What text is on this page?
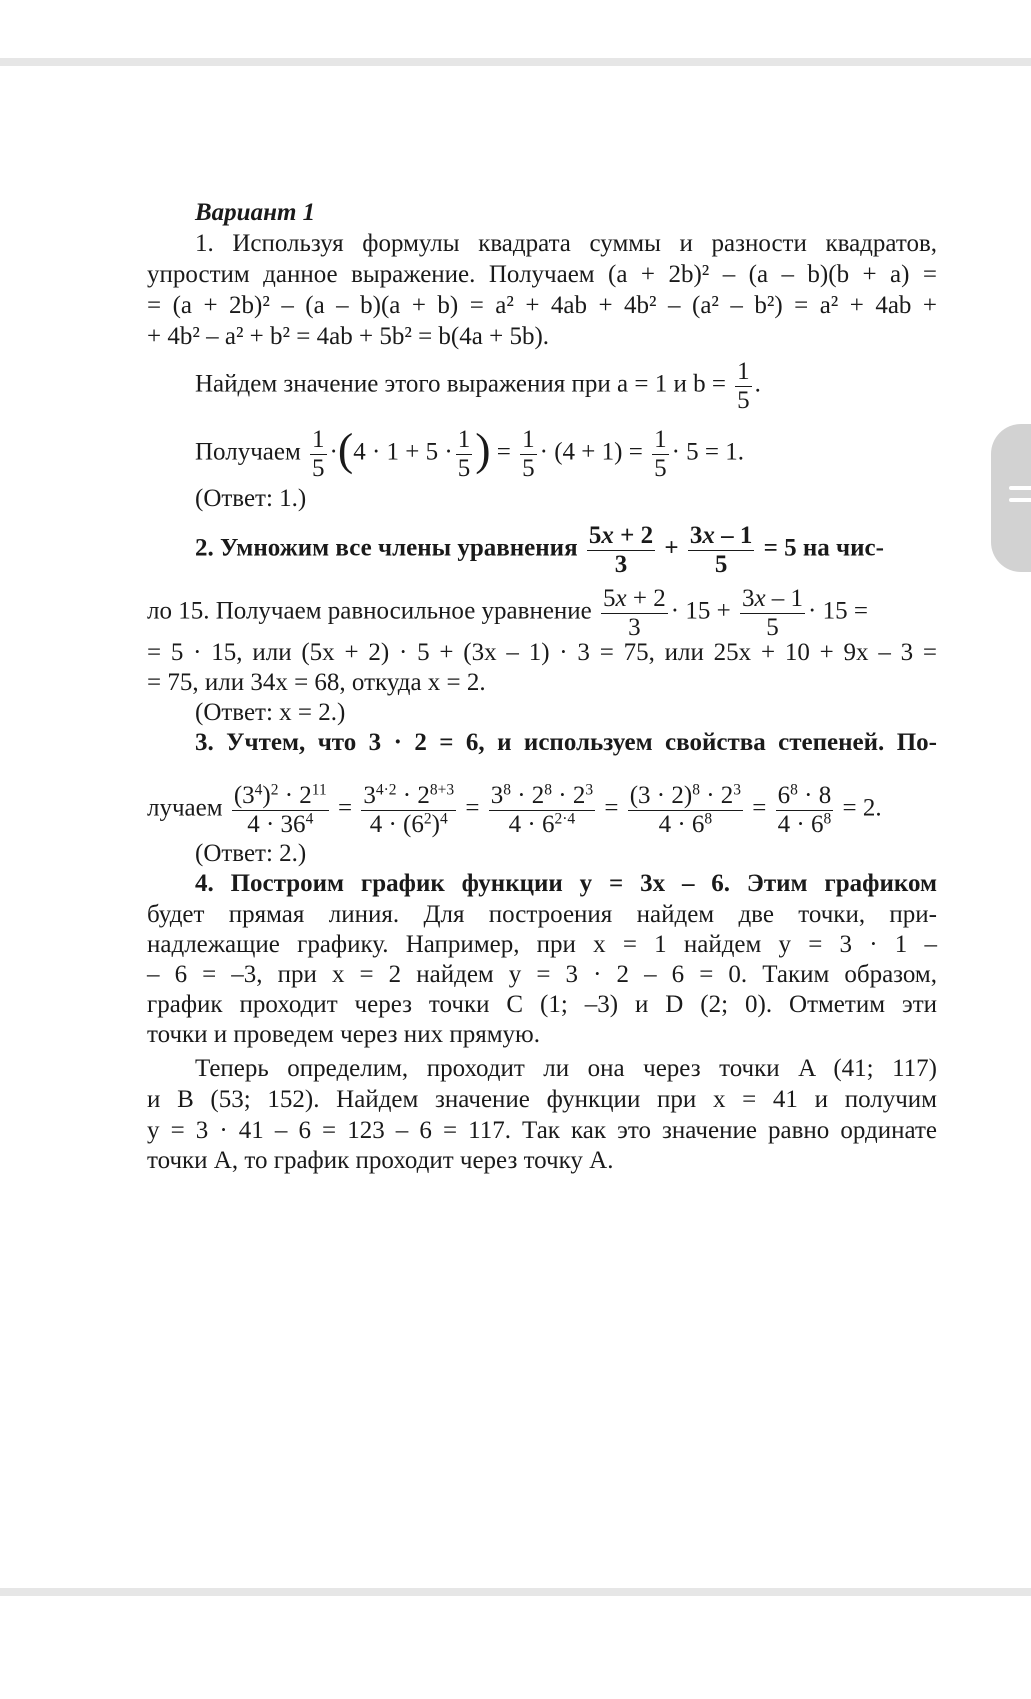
Вариант 1
1. Используя формулы квадрата суммы и разности квадратов,
упростим данное выражение. Получаем (a + 2b)² – (a – b)(b + a) =
= (a + 2b)² – (a – b)(a + b) = a² + 4ab + 4b² – (a² – b²) = a² + 4ab +
+ 4b² – a² + b² = 4ab + 5b² = b(4a + 5b).
Найдем значение этого выражения при a = 1 и $b = \frac{1}{5}$ .
Получаем $\frac{1}{5} \cdot(4 \cdot 1 + 5 \cdot \frac{1}{5}$ ) = $\frac{1}{5} \cdot (4 + 1) = \frac{1}{5} \cdot 5 = 1$.
(Ответ: 1.)
2. Умножим все члены уравнения $\frac{5x + 2}{3} + \frac{3x - 1}{5} = 5$ на чис-
ло 15. Получаем равносильное уравнение $\frac{5x + 2}{3} \cdot 15 + \frac{3x - 1}{5} \cdot 15$ =
= 5 · 15, или (5x + 2) · 5 + (3x – 1) · 3 = 75, или 25x + 10 + 9x – 3 =
= 75, или 34x = 68, откуда x = 2.
(Ответ: x = 2.)
3. Учтем, что 3 · 2 = 6, и используем свойства степеней. По-
лучаем $\frac{(3^4)^2 \cdot 2^{11}}{4 \cdot 36^4} = \frac{3^{4\cdot 2} \cdot 2^{8+3}}{4 \cdot (6^2)^4} = \frac{3^8 \cdot 2^8 \cdot 2^3}{4 \cdot 6^{2\cdot 4}} = \frac{(3 \cdot 2)^8 \cdot 2^3}{4 \cdot 6^8} = \frac{6^8 \cdot 8}{4 \cdot 6^8} = 2$.
(Ответ: 2.)
4. Построим график функции y = 3x – 6. Этим графиком
будет прямая линия. Для построения найдем две точки, при-
надлежащие графику. Например, при x = 1 найдем y = 3 · 1 –
– 6 = –3, при x = 2 найдем y = 3 · 2 – 6 = 0. Таким образом,
график проходит через точки C (1; –3) и D (2; 0). Отметим эти
точки и проведем через них прямую.
Теперь определим, проходит ли она через точки A (41; 117)
и B (53; 152). Найдем значение функции при x = 41 и получим
y = 3 · 41 – 6 = 123 – 6 = 117. Так как это значение равно ординате
точки A, то график проходит через точку A.
